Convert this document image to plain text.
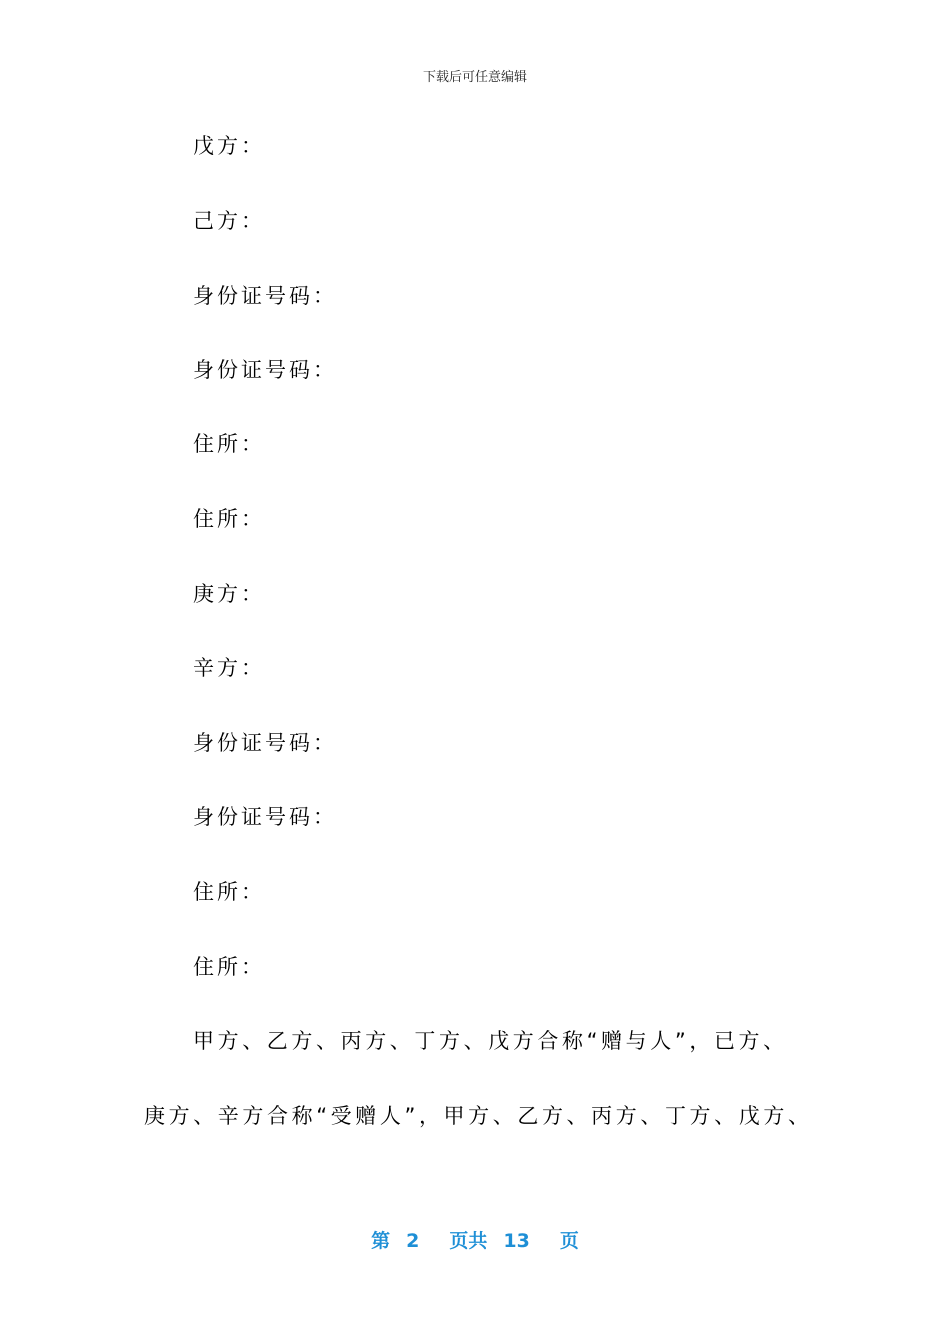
下载后可任意编辑
戊方：
己方：
身份证号码：
身份证号码：
住所：
住所：
庚方：
辛方：
身份证号码：
身份证号码：
住所：
住所：
甲方、乙方、丙方、丁方、戊方合称“赠与人”，已方、
庚方、辛方合称“受赠人”，甲方、乙方、丙方、丁方、戊方、
第 2 页共 13 页
